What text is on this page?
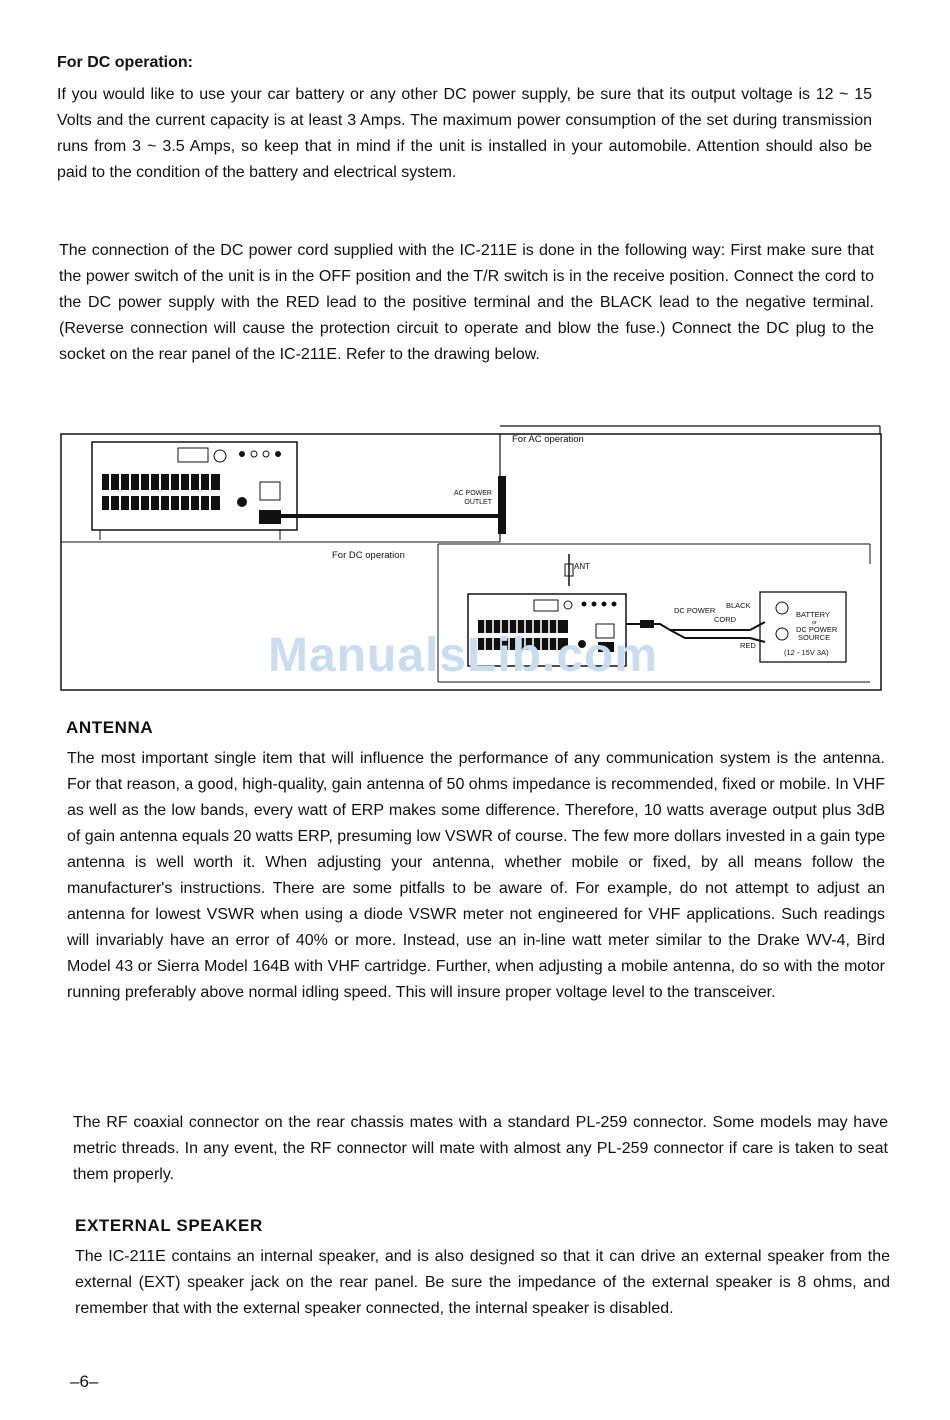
For DC operation:

If you would like to use your car battery or any other DC power supply, be sure that its output voltage is 12 ~ 15 Volts and the current capacity is at least 3 Amps. The maximum power consumption of the set during transmission runs from 3 ~ 3.5 Amps, so keep that in mind if the unit is installed in your automobile. Attention should also be paid to the condition of the battery and electrical system.

The connection of the DC power cord supplied with the IC-211E is done in the following way: First make sure that the power switch of the unit is in the OFF position and the T/R switch is in the receive position. Connect the cord to the DC power supply with the RED lead to the positive terminal and the BLACK lead to the negative terminal. (Reverse connection will cause the protection circuit to operate and blow the fuse.) Connect the DC plug to the socket on the rear panel of the IC-211E. Refer to the drawing below.

For AC operation
AC POWER
OUTLET
For DC operation
ANT
DC POWER
CORD
BLACK
RED
BATTERY
or
DC POWER
SOURCE
(12 - 15V 3A)
ManualsLib.com
ANTENNA

The most important single item that will influence the performance of any communication system is the antenna. For that reason, a good, high-quality, gain antenna of 50 ohms impedance is recommended, fixed or mobile. In VHF as well as the low bands, every watt of ERP makes some difference. Therefore, 10 watts average output plus 3dB of gain antenna equals 20 watts ERP, presuming low VSWR of course. The few more dollars invested in a gain type antenna is well worth it. When adjusting your antenna, whether mobile or fixed, by all means follow the manufacturer's instructions. There are some pitfalls to be aware of. For example, do not attempt to adjust an antenna for lowest VSWR when using a diode VSWR meter not engineered for VHF applications. Such readings will invariably have an error of 40% or more. Instead, use an in-line watt meter similar to the Drake WV-4, Bird Model 43 or Sierra Model 164B with VHF cartridge. Further, when adjusting a mobile antenna, do so with the motor running preferably above normal idling speed. This will insure proper voltage level to the transceiver.

The RF coaxial connector on the rear chassis mates with a standard PL-259 connector. Some models may have metric threads. In any event, the RF connector will mate with almost any PL-259 connector if care is taken to seat them properly.

EXTERNAL SPEAKER

The IC-211E contains an internal speaker, and is also designed so that it can drive an external speaker from the external (EXT) speaker jack on the rear panel. Be sure the impedance of the external speaker is 8 ohms, and remember that with the external speaker connected, the internal speaker is disabled.

–6–
